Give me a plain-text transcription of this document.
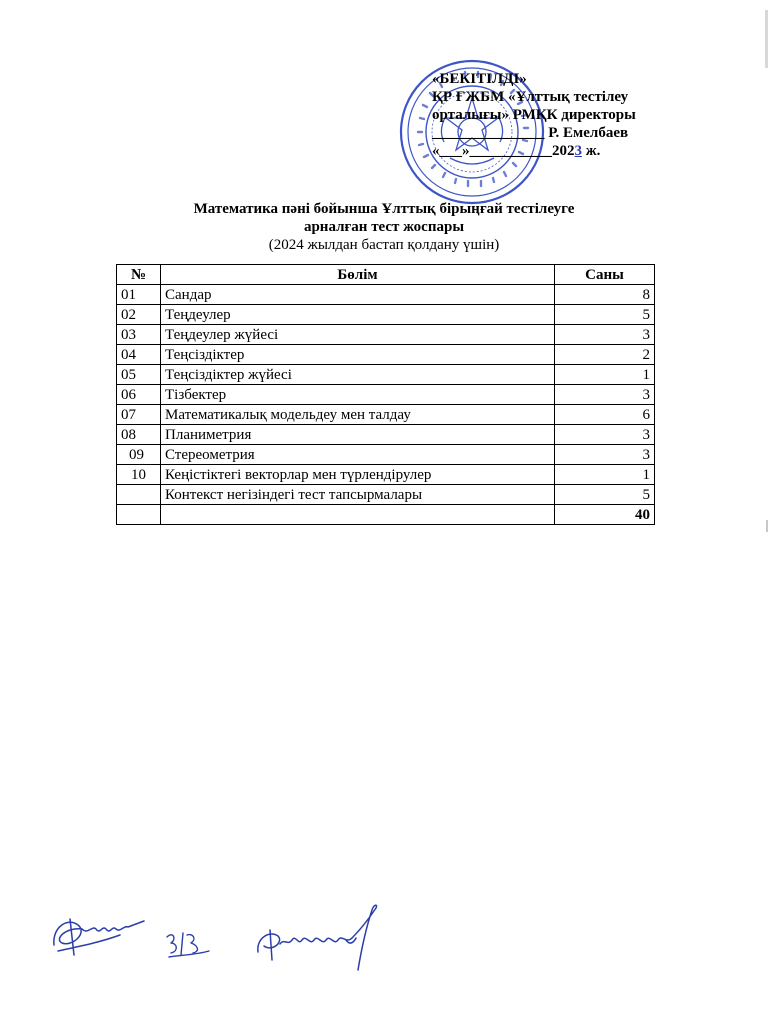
«БЕКІТІЛДІ»
ҚР ҒЖБМ «Ұлттық тестілеу
орталығы» РМҚК директоры
_______________ Р. Емелбаев
«___»___________2023 ж.
Математика пәні бойынша Ұлттық бірыңғай тестілеуге
арналған тест жоспары
(2024 жылдан бастап қолдану үшін)
№	Бөлім	Саны
01	Сандар	8
02	Теңдеулер	5
03	Теңдеулер жүйесі	3
04	Теңсіздіктер	2
05	Теңсіздіктер жүйесі	1
06	Тізбектер	3
07	Математикалық модельдеу мен талдау	6
08	Планиметрия	3
09	Стереометрия	3
10	Кеңістіктегі векторлар мен түрлендірулер	1
	Контекст негізіндегі тест тапсырмалары	5
		40
